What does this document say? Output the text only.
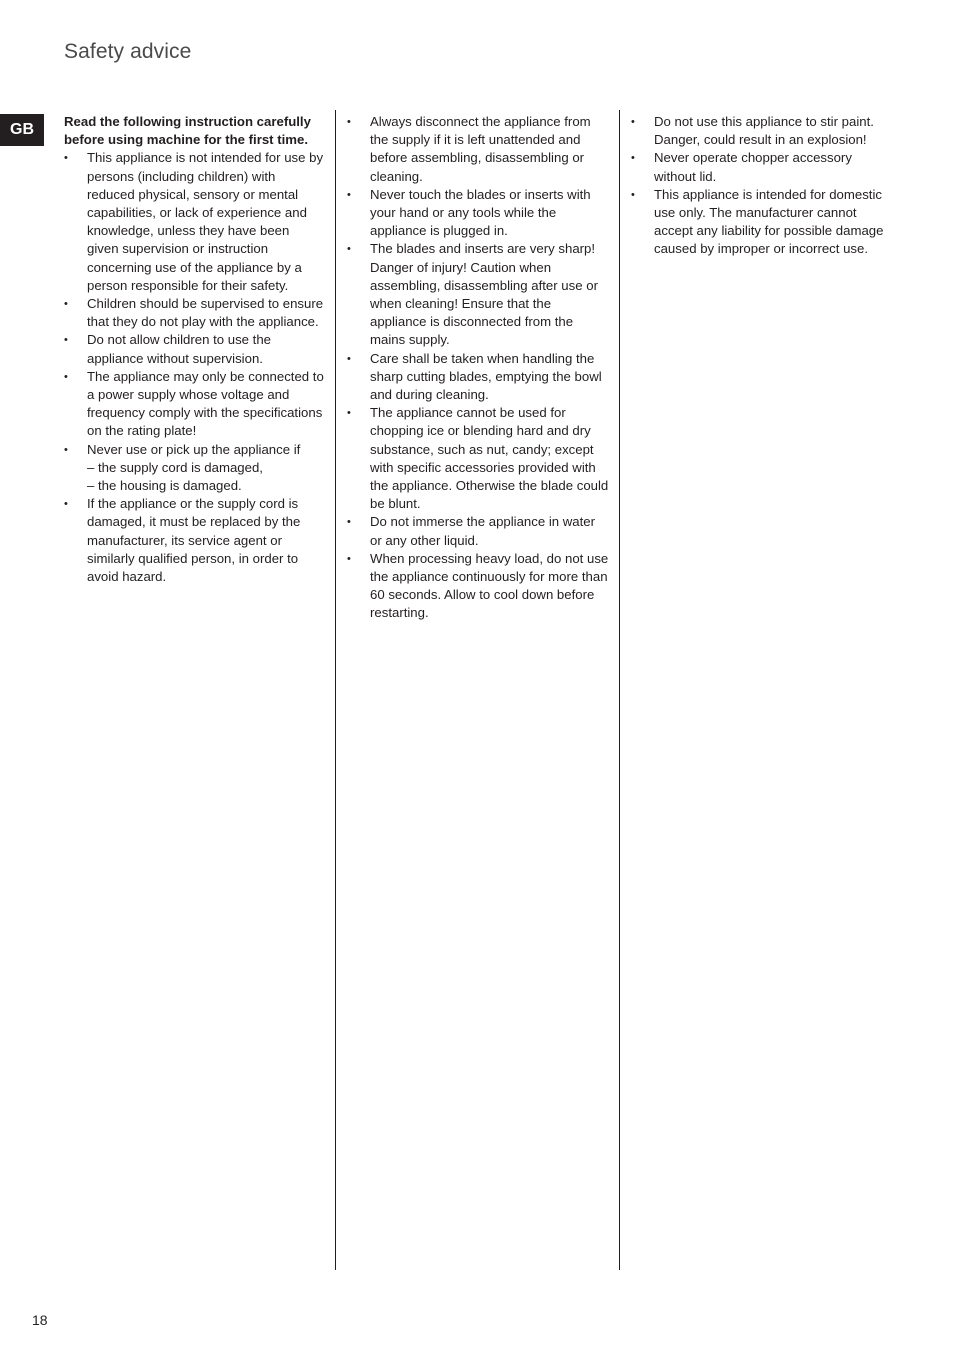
Safety advice
GB	Read the following instruction carefully before using machine for the first time.

• This appliance is not intended for use by persons (including children) with reduced physical, sensory or mental capabilities, or lack of experience and knowledge, unless they have been given supervision or instruction concerning use of the appliance by a person responsible for their safety.
• Children should be supervised to ensure that they do not play with the appliance.
• Do not allow children to use the appliance without supervision.
• The appliance may only be connected to a power supply whose voltage and frequency comply with the specifications on the rating plate!
• Never use or pick up the appliance if
– the supply cord is damaged,
– the housing is damaged.
• If the appliance or the supply cord is damaged, it must be replaced by the manufacturer, its service agent or similarly qualified person, in order to avoid hazard.
• Always disconnect the appliance from the supply if it is left unattended and before assembling, disassembling or cleaning.
• Never touch the blades or inserts with your hand or any tools while the appliance is plugged in.
• The blades and inserts are very sharp! Danger of injury! Caution when assembling, disassembling after use or when cleaning! Ensure that the appliance is disconnected from the mains supply.
• Care shall be taken when handling the sharp cutting blades, emptying the bowl and during cleaning.
• The appliance cannot be used for chopping ice or blending hard and dry substance, such as nut, candy; except with specific accessories provided with the appliance. Otherwise the blade could be blunt.
• Do not immerse the appliance in water or any other liquid.
• When processing heavy load, do not use the appliance continuously for more than 60 seconds. Allow to cool down before restarting.
• Do not use this appliance to stir paint. Danger, could result in an explosion!
• Never operate chopper accessory without lid.
• This appliance is intended for domestic use only. The manufacturer cannot accept any liability for possible damage caused by improper or incorrect use.
18
